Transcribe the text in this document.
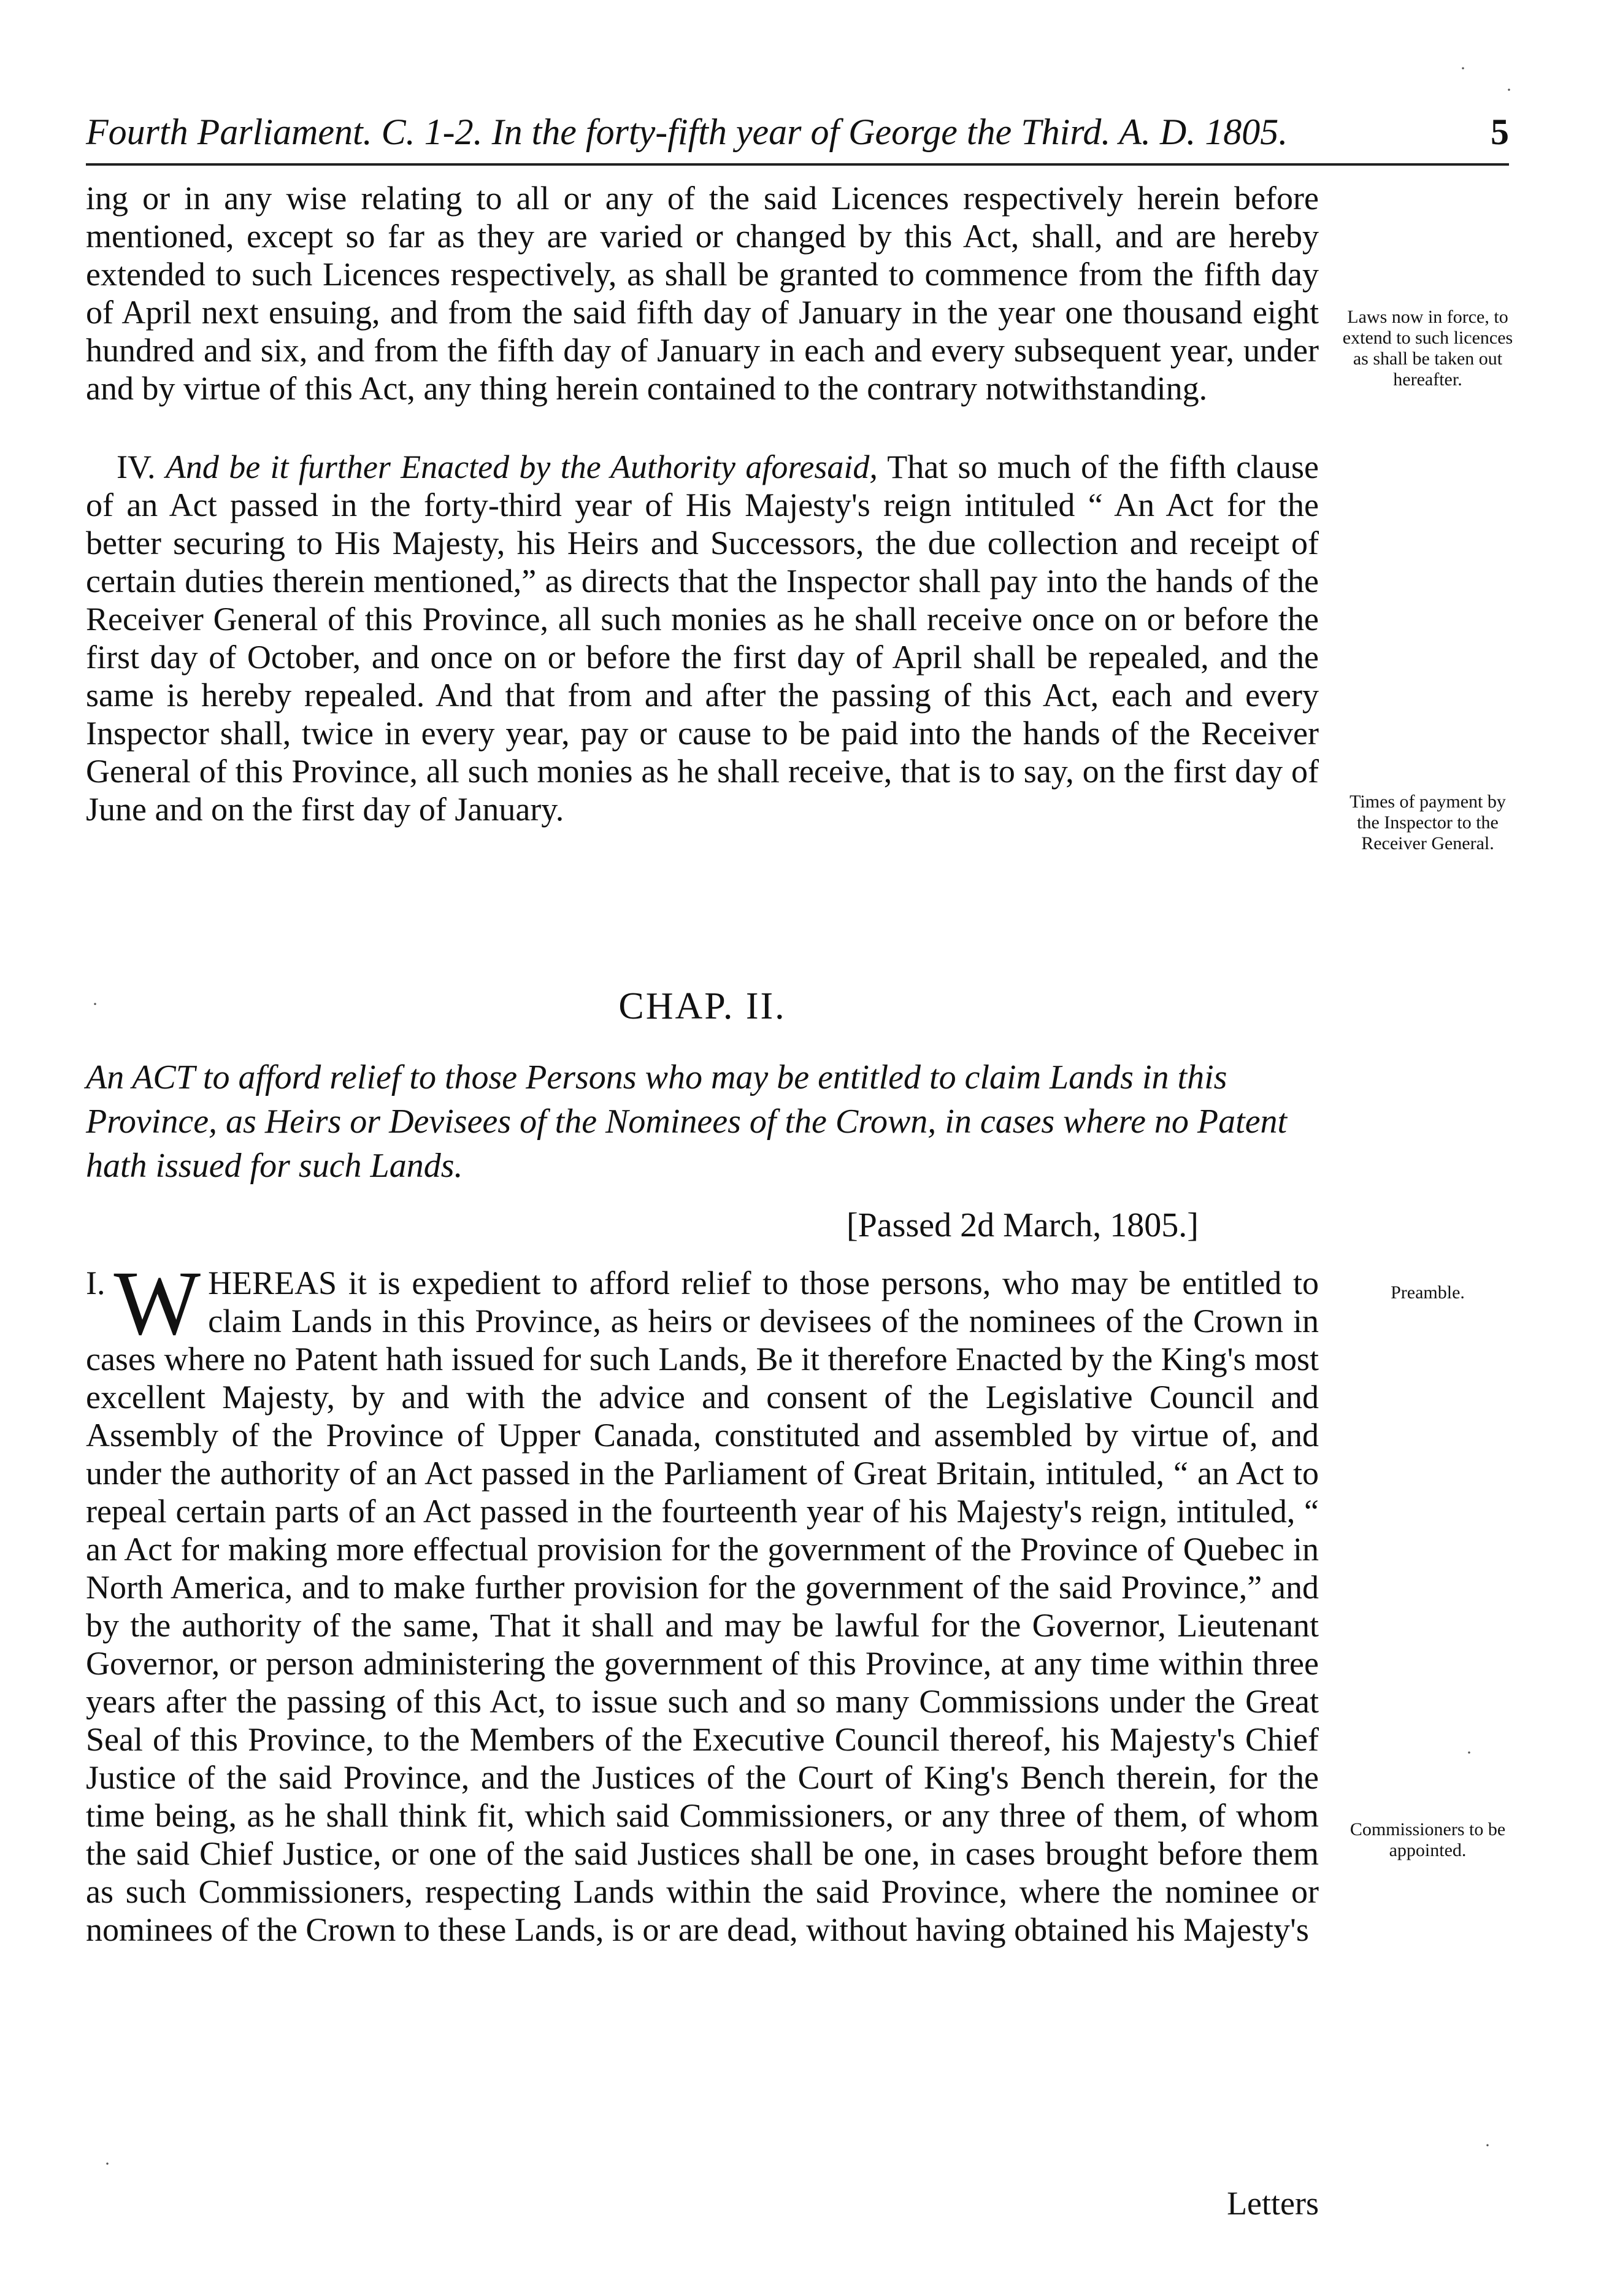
Fourth Parliament. C. 1-2. In the forty-fifth year of George the Third. A. D. 1805.	5

ing or in any wise relating to all or any of the said Licences respectively herein before mentioned, except so far as they are varied or changed by this Act, shall, and are hereby extended to such Licences respectively, as shall be granted to commence from the fifth day of April next ensuing, and from the said fifth day of January in the year one thousand eight hundred and six, and from the fifth day of January in each and every subsequent year, under and by virtue of this Act, any thing herein contained to the contrary notwithstanding.

IV. And be it further Enacted by the Authority aforesaid, That so much of the fifth clause of an Act passed in the forty-third year of His Majesty's reign intituled “ An Act for the better securing to His Majesty, his Heirs and Successors, the due collection and receipt of certain duties therein mentioned,” as directs that the Inspector shall pay into the hands of the Receiver General of this Province, all such monies as he shall receive once on or before the first day of October, and once on or before the first day of April shall be repealed, and the same is hereby repealed. And that from and after the passing of this Act, each and every Inspector shall, twice in every year, pay or cause to be paid into the hands of the Receiver General of this Province, all such monies as he shall receive, that is to say, on the first day of June and on the first day of January.

CHAP. II.
An ACT to afford relief to those Persons who may be entitled to claim Lands in this Province, as Heirs or Devisees of the Nominees of the Crown, in cases where no Patent hath issued for such Lands.
[Passed 2d March, 1805.]

I. W HEREAS it is expedient to afford relief to those persons, who may be entitled to claim Lands in this Province, as heirs or devisees of the nominees of the Crown in cases where no Patent hath issued for such Lands, Be it therefore Enacted by the King's most excellent Majesty, by and with the advice and consent of the Legislative Council and Assembly of the Province of Upper Canada, constituted and assembled by virtue of, and under the authority of an Act passed in the Parliament of Great Britain, intituled, “ an Act to repeal certain parts of an Act passed in the fourteenth year of his Majesty's reign, intituled, “ an Act for making more effectual provision for the government of the Province of Quebec in North America, and to make further provision for the government of the said Province,” and by the authority of the same, That it shall and may be lawful for the Governor, Lieutenant Governor, or person administering the government of this Province, at any time within three years after the passing of this Act, to issue such and so many Commissions under the Great Seal of this Province, to the Members of the Executive Council thereof, his Majesty's Chief Justice of the said Province, and the Justices of the Court of King's Bench therein, for the time being, as he shall think fit, which said Commissioners, or any three of them, of whom the said Chief Justice, or one of the said Justices shall be one, in cases brought before them as such Commissioners, respecting Lands within the said Province, where the nominee or nominees of the Crown to these Lands, is or are dead, without having obtained his Majesty's

Letters
Laws now in force, to extend to such licences as shall be taken out hereafter.
Times of payment by the Inspector to the Receiver General.
Preamble.
Commissioners to be appointed.
·
·
·
·
·
·
